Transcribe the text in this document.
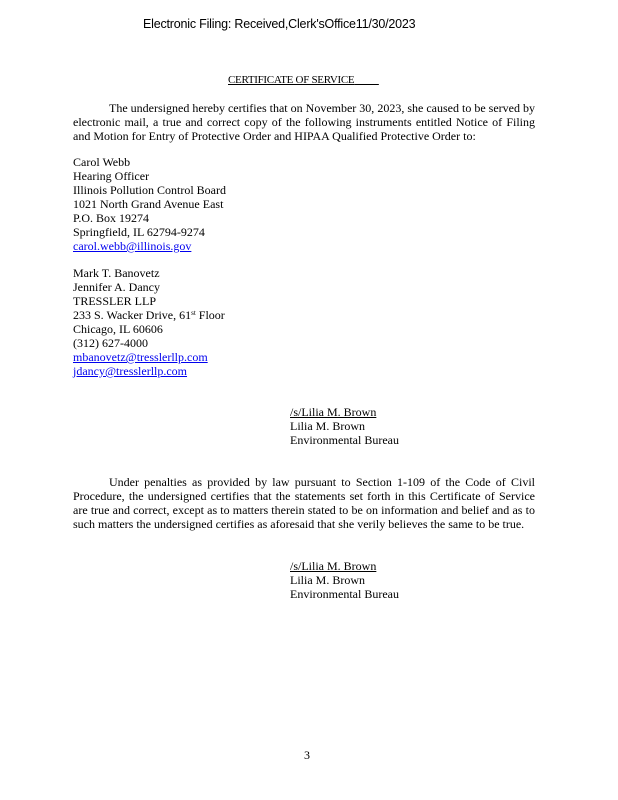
Electronic Filing: Received,Clerk'sOffice11/30/2023
CERTIFICATE OF SERVICE
The undersigned hereby certifies that on November 30, 2023, she caused to be served by electronic mail, a true and correct copy of the following instruments entitled Notice of Filing and Motion for Entry of Protective Order and HIPAA Qualified Protective Order to:
Carol Webb
Hearing Officer
Illinois Pollution Control Board
1021 North Grand Avenue East
P.O. Box 19274
Springfield, IL 62794-9274
carol.webb@illinois.gov
Mark T. Banovetz
Jennifer A. Dancy
TRESSLER LLP
233 S. Wacker Drive, 61st Floor
Chicago, IL 60606
(312) 627-4000
mbanovetz@tresslerllp.com
jdancy@tresslerllp.com
/s/Lilia M. Brown
Lilia M. Brown
Environmental Bureau
Under penalties as provided by law pursuant to Section 1-109 of the Code of Civil Procedure, the undersigned certifies that the statements set forth in this Certificate of Service are true and correct, except as to matters therein stated to be on information and belief and as to such matters the undersigned certifies as aforesaid that she verily believes the same to be true.
/s/Lilia M. Brown
Lilia M. Brown
Environmental Bureau
3
